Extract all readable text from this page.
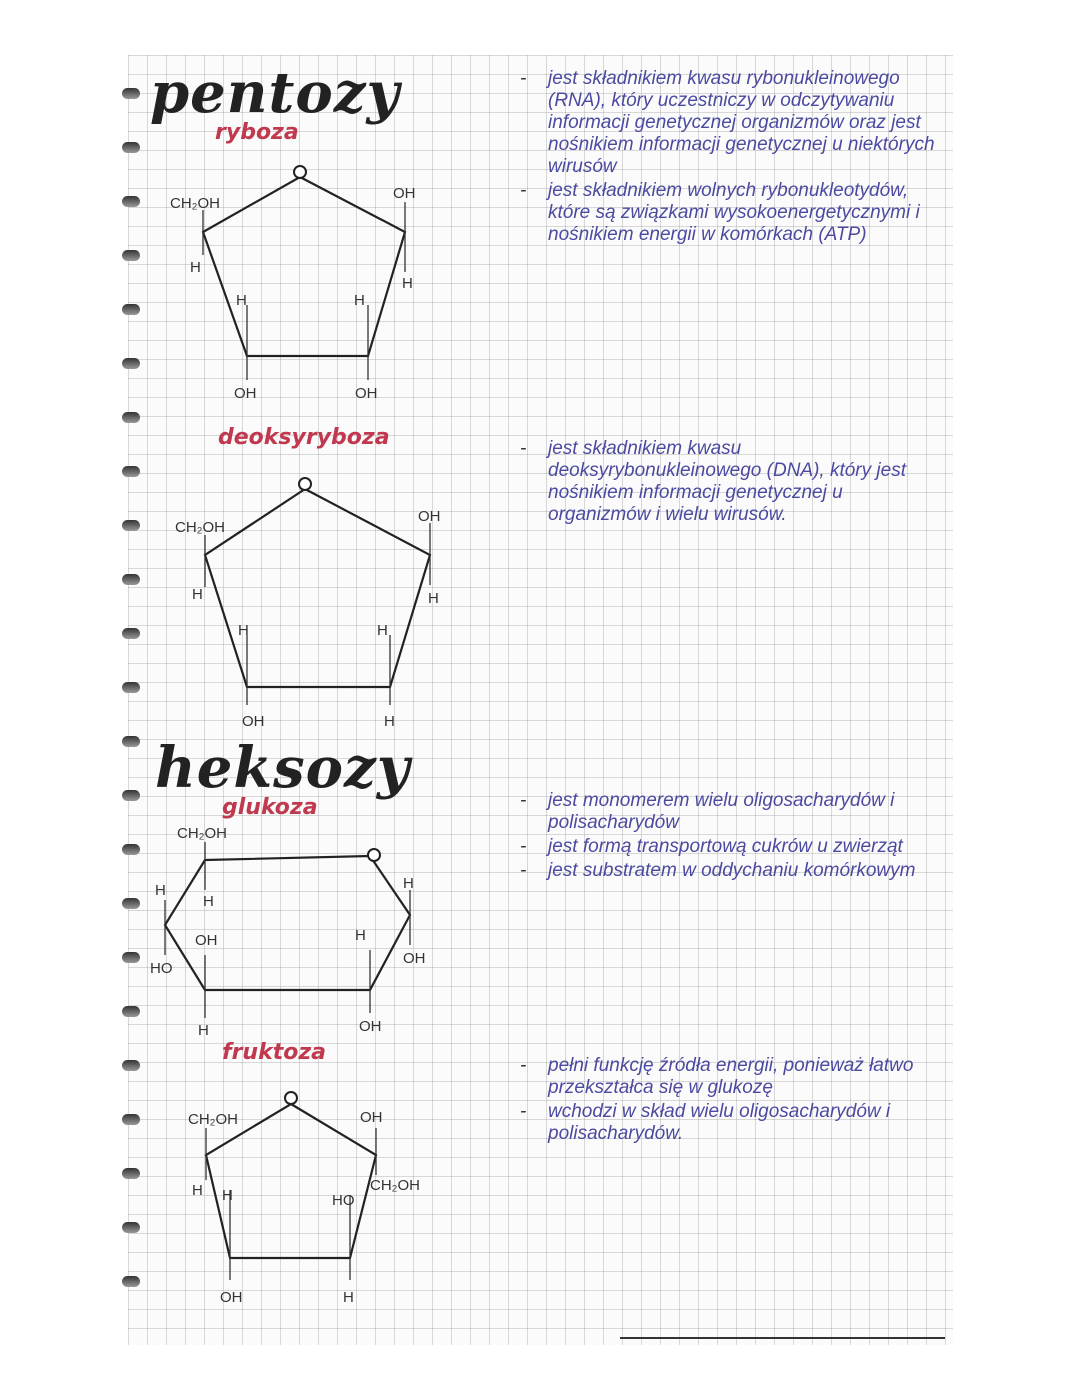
pentozy
heksozy
ryboza
deoksyryboza
glukoza
fruktoza
CH₂OH
H
H
OH
H
OH
OH
H
CH₂OH
H
H
OH
H
H
OH
H
CH₂OH
H
H
HO
OH	H
H
OH
H	OH
CH₂OH
H H
OH
HO
H
OH
CH₂OH
- jest składnikiem kwasu rybonukleinowego (RNA), który uczestniczy w odczytywaniu informacji genetycznej organizmów oraz jest nośnikiem informacji genetycznej u niektórych wirusów
- jest składnikiem wolnych rybonukleotydów, które są związkami wysokoenergetycznymi i nośnikiem energii w komórkach (ATP)
- jest składnikiem kwasu deoksyrybonukleinowego (DNA), który jest nośnikiem informacji genetycznej u organizmów i wielu wirusów.
- jest monomerem wielu oligosacharydów i polisacharydów
- jest formą transportową cukrów u zwierząt
- jest substratem w oddychaniu komórkowym
- pełni funkcję źródła energii, ponieważ łatwo przekształca się w glukozę
- wchodzi w skład wielu oligosacharydów i polisacharydów.
